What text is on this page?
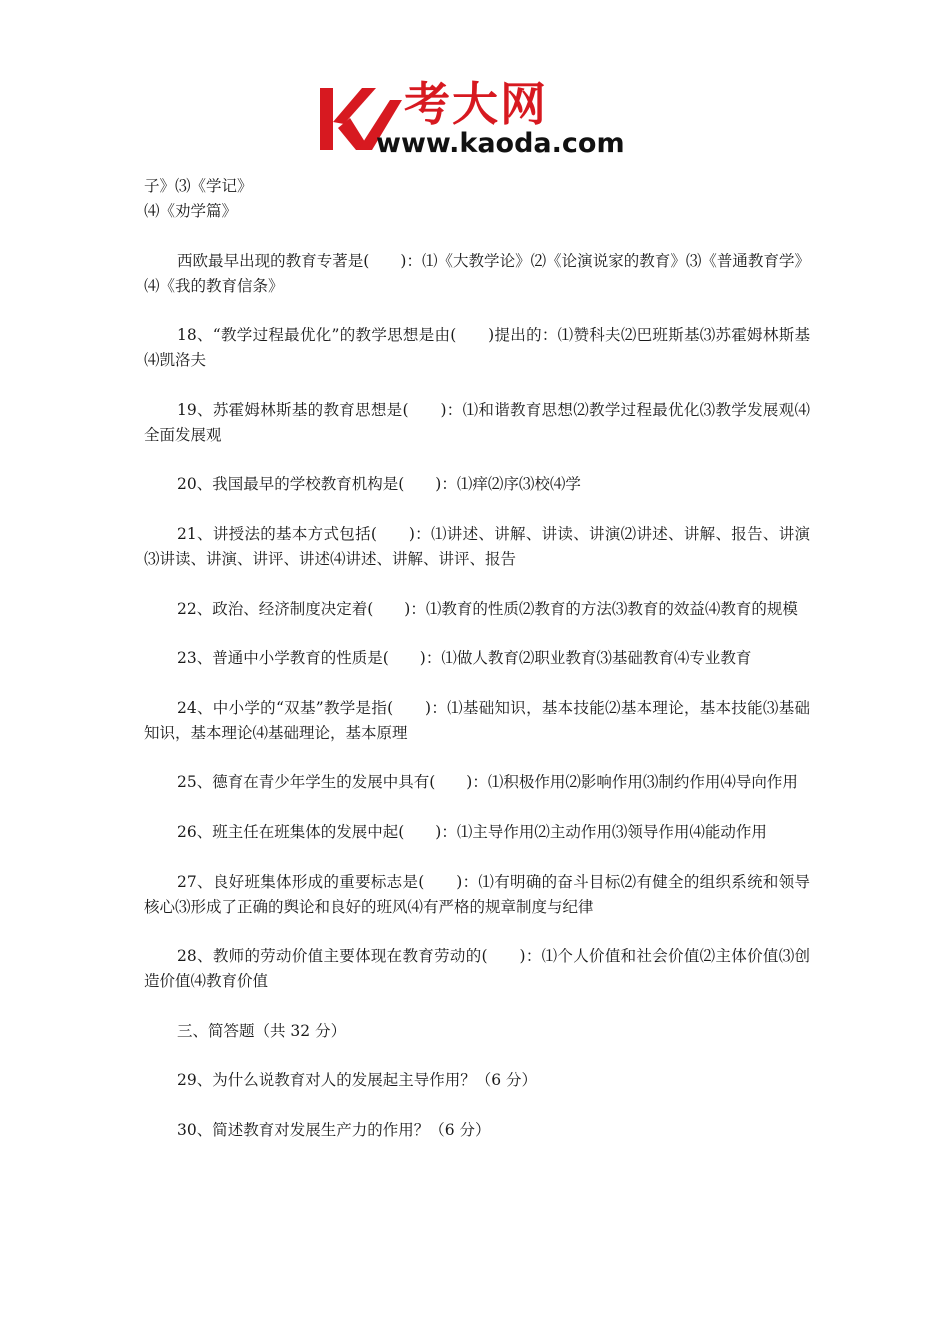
考大网
www.kaoda.com

子》⑶《学记》

⑷《劝学篇》

西欧最早出现的教育专著是(　　)：⑴《大教学论》⑵《论演说家的教育》⑶《普通教育学》⑷《我的教育信条》

18、“教学过程最优化”的教学思想是由(　　)提出的：⑴赞科夫⑵巴班斯基⑶苏霍姆林斯基⑷凯洛夫

19、苏霍姆林斯基的教育思想是(　　)：⑴和谐教育思想⑵教学过程最优化⑶教学发展观⑷全面发展观

20、我国最早的学校教育机构是(　　)：⑴痒⑵序⑶校⑷学

21、讲授法的基本方式包括(　　)：⑴讲述、讲解、讲读、讲演⑵讲述、讲解、报告、讲演⑶讲读、讲演、讲评、讲述⑷讲述、讲解、讲评、报告

22、政治、经济制度决定着(　　)：⑴教育的性质⑵教育的方法⑶教育的效益⑷教育的规模

23、普通中小学教育的性质是(　　)：⑴做人教育⑵职业教育⑶基础教育⑷专业教育

24、中小学的“双基”教学是指(　　)：⑴基础知识，基本技能⑵基本理论，基本技能⑶基础知识，基本理论⑷基础理论，基本原理

25、德育在青少年学生的发展中具有(　　)：⑴积极作用⑵影响作用⑶制约作用⑷导向作用

26、班主任在班集体的发展中起(　　)：⑴主导作用⑵主动作用⑶领导作用⑷能动作用

27、良好班集体形成的重要标志是(　　)：⑴有明确的奋斗目标⑵有健全的组织系统和领导核心⑶形成了正确的舆论和良好的班风⑷有严格的规章制度与纪律

28、教师的劳动价值主要体现在教育劳动的(　　)：⑴个人价值和社会价值⑵主体价值⑶创造价值⑷教育价值

三、简答题（共 32 分）

29、为什么说教育对人的发展起主导作用？（6 分）

30、简述教育对发展生产力的作用？（6 分）
